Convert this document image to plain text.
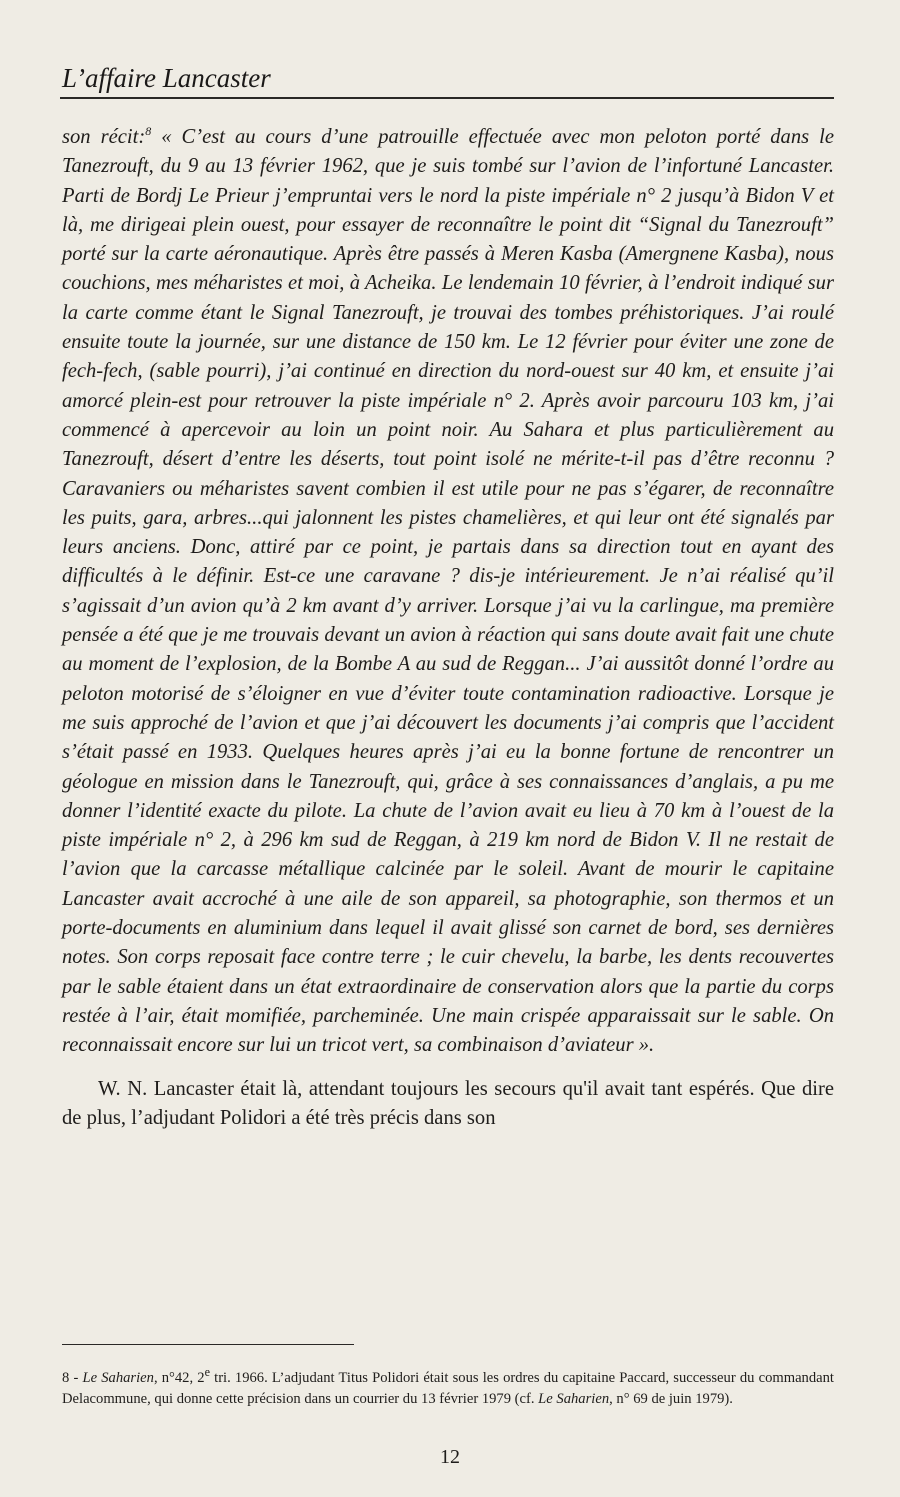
L’affaire Lancaster

son récit:$^8$ « C’est au cours d’une patrouille effectuée avec mon peloton porté dans le Tanezrouft, du 9 au 13 février 1962, que je suis tombé sur l’avion de l’infortuné Lancaster. Parti de Bordj Le Prieur j’empruntai vers le nord la piste impériale n° 2 jusqu’à Bidon V et là, me dirigeai plein ouest, pour essayer de reconnaître le point dit “Signal du Tanezrouft” porté sur la carte aéronautique. Après être passés à Meren Kasba (Amergnene Kasba), nous couchions, mes méharistes et moi, à Acheika. Le lendemain 10 février, à l’endroit indiqué sur la carte comme étant le Signal Tanezrouft, je trouvai des tombes préhistoriques. J’ai roulé ensuite toute la journée, sur une distance de 150 km. Le 12 février pour éviter une zone de fech-fech, (sable pourri), j’ai continué en direction du nord-ouest sur 40 km, et ensuite j’ai amorcé plein-est pour retrouver la piste impériale n° 2. Après avoir parcouru 103 km, j’ai commencé à apercevoir au loin un point noir. Au Sahara et plus particulièrement au Tanezrouft, désert d’entre les déserts, tout point isolé ne mérite-t-il pas d’être reconnu ? Caravaniers ou méharistes savent combien il est utile pour ne pas s’égarer, de reconnaître les puits, gara, arbres...qui jalonnent les pistes chamelières, et qui leur ont été signalés par leurs anciens. Donc, attiré par ce point, je partais dans sa direction tout en ayant des difficultés à le définir. Est-ce une caravane ? dis-je intérieurement. Je n’ai réalisé qu’il s’agissait d’un avion qu’à 2 km avant d’y arriver. Lorsque j’ai vu la carlingue, ma première pensée a été que je me trouvais devant un avion à réaction qui sans doute avait fait une chute au moment de l’explosion, de la Bombe A au sud de Reggan... J’ai aussitôt donné l’ordre au peloton motorisé de s’éloigner en vue d’éviter toute contamination radioactive. Lorsque je me suis approché de l’avion et que j’ai découvert les documents j’ai compris que l’accident s’était passé en 1933. Quelques heures après j’ai eu la bonne fortune de rencontrer un géologue en mission dans le Tanezrouft, qui, grâce à ses connaissances d’anglais, a pu me donner l’identité exacte du pilote. La chute de l’avion avait eu lieu à 70 km à l’ouest de la piste impériale n° 2, à 296 km sud de Reggan, à 219 km nord de Bidon V. Il ne restait de l’avion que la carcasse métallique calcinée par le soleil. Avant de mourir le capitaine Lancaster avait accroché à une aile de son appareil, sa photographie, son thermos et un porte-documents en aluminium dans lequel il avait glissé son carnet de bord, ses dernières notes. Son corps reposait face contre terre ; le cuir chevelu, la barbe, les dents recouvertes par le sable étaient dans un état extraordinaire de conservation alors que la partie du corps restée à l’air, était momifiée, parcheminée. Une main crispée apparaissait sur le sable. On reconnaissait encore sur lui un tricot vert, sa combinaison d’aviateur ».

W. N. Lancaster était là, attendant toujours les secours qu'il avait tant espérés. Que dire de plus, l’adjudant Polidori a été très précis dans son

8 - Le Saharien, n°42, 2e tri. 1966. L’adjudant Titus Polidori était sous les ordres du capitaine Paccard, successeur du commandant Delacommune, qui donne cette précision dans un courrier du 13 février 1979 (cf. Le Saharien, n° 69 de juin 1979).

12
